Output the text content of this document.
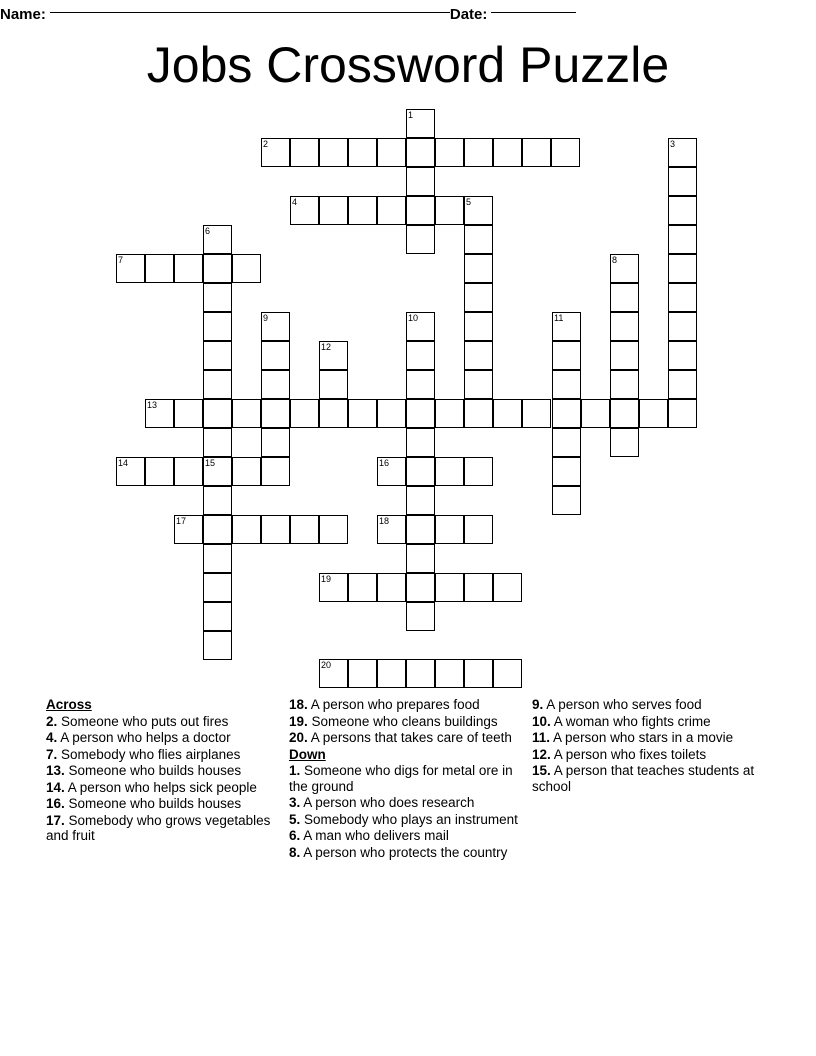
Name:	Date:
Jobs Crossword Puzzle
1
2	3
4	5
6
7	8
9	10	11
12
13
14	15	16
17	18
19
20
Across
2. Someone who puts out fires
4. A person who helps a doctor
7. Somebody who flies airplanes
13. Someone who builds houses
14. A person who helps sick people
16. Someone who builds houses
17. Somebody who grows vegetables and fruit
18. A person who prepares food
19. Someone who cleans buildings
20. A persons that takes care of teeth
Down
1. Someone who digs for metal ore in the ground
3. A person who does research
5. Somebody who plays an instrument
6. A man who delivers mail
8. A person who protects the country
9. A person who serves food
10. A woman who fights crime
11. A person who stars in a movie
12. A person who fixes toilets
15. A person that teaches students at school
